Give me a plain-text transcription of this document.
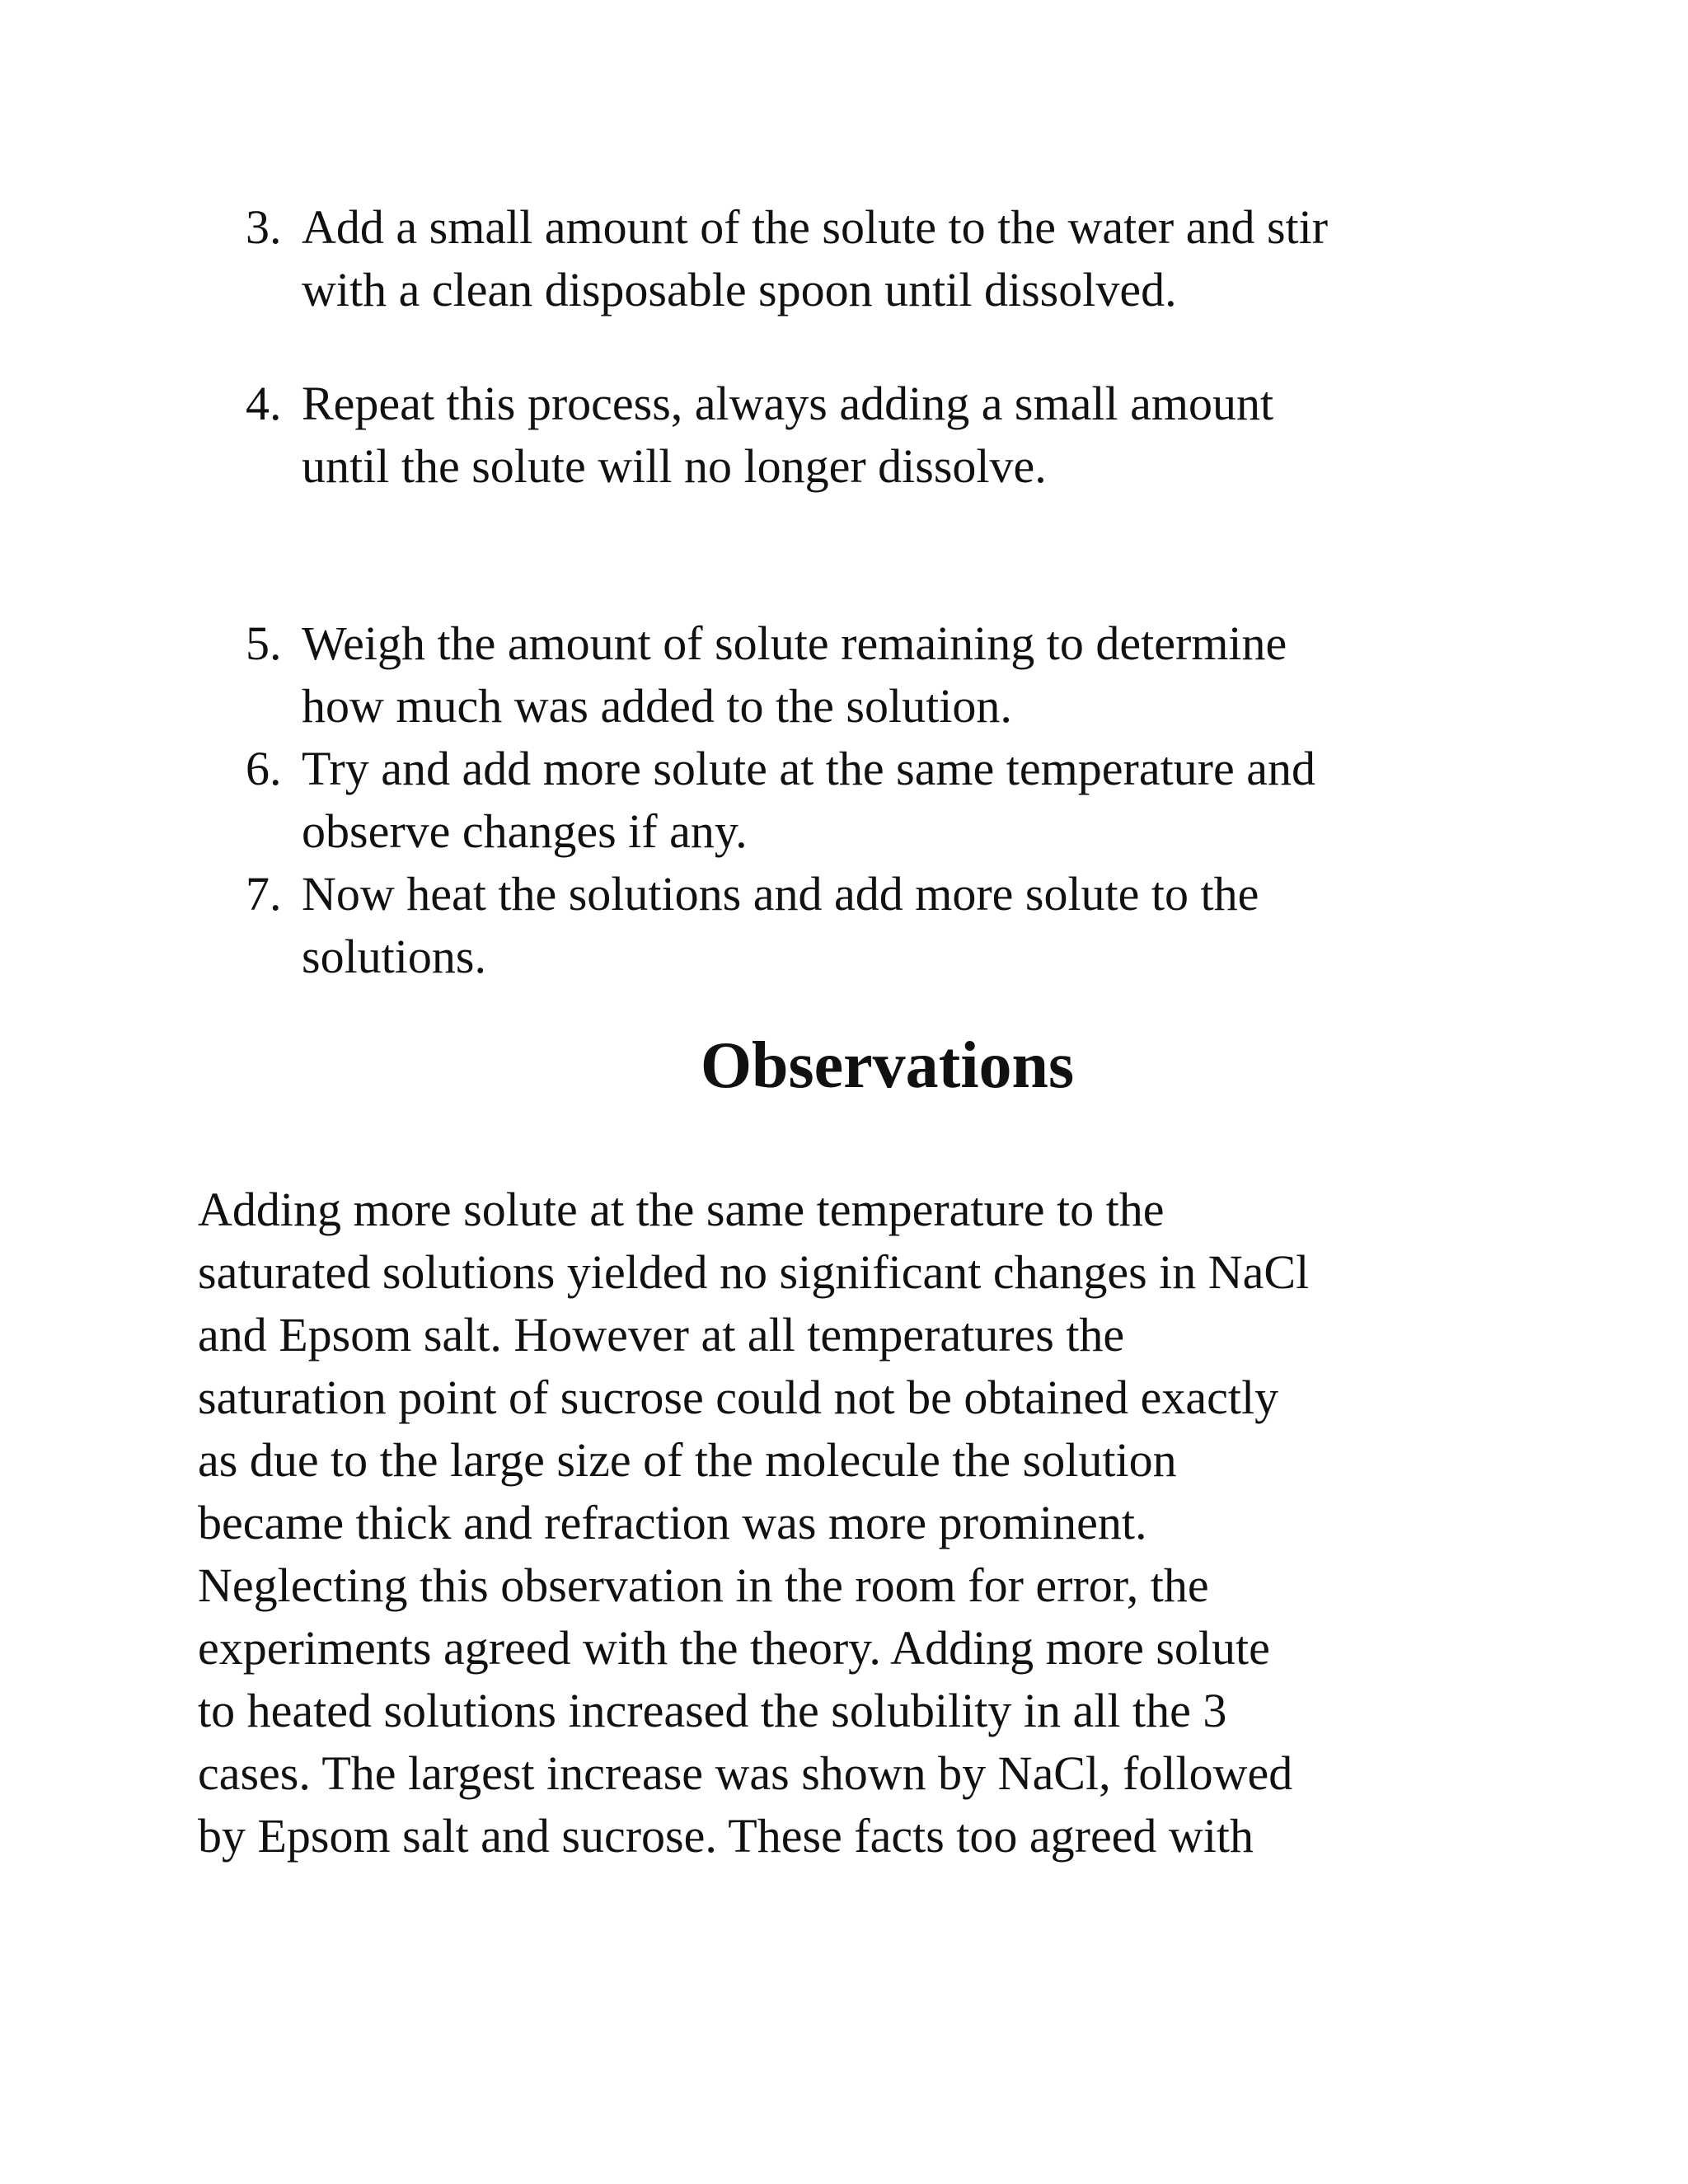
3. Add a small amount of the solute to the water and stir
with a clean disposable spoon until dissolved.
4. Repeat this process, always adding a small amount
until the solute will no longer dissolve.
5. Weigh the amount of solute remaining to determine
how much was added to the solution.
6. Try and add more solute at the same temperature and
observe changes if any.
7. Now heat the solutions and add more solute to the
solutions.
Observations

Adding more solute at the same temperature to the
saturated solutions yielded no significant changes in NaCl
and Epsom salt. However at all temperatures the
saturation point of sucrose could not be obtained exactly
as due to the large size of the molecule the solution
became thick and refraction was more prominent.
Neglecting this observation in the room for error, the
experiments agreed with the theory. Adding more solute
to heated solutions increased the solubility in all the 3
cases. The largest increase was shown by NaCl, followed
by Epsom salt and sucrose. These facts too agreed with
